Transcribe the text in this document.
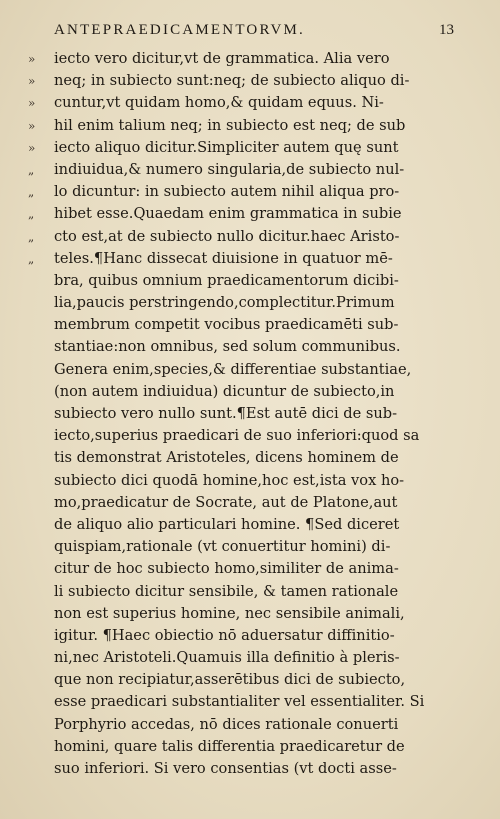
ANTEPRAEDICAMENTORVM.	13
»	iecto vero dicitur,vt de grammatica. Alia vero
»	neq; in subiecto sunt:neq; de subiecto aliquo di-
»	cuntur,vt quidam homo,& quidam equus. Ni-
»	hil enim talium neq; in subiecto est neq; de sub
»	iecto aliquo dicitur.Simpliciter autem quę sunt
„	indiuidua,& numero singularia,de subiecto nul-
„	lo dicuntur: in subiecto autem nihil aliqua pro-
„	hibet esse.Quaedam enim grammatica in subie
„	cto est,at de subiecto nullo dicitur.haec Aristo-
„	teles.¶Hanc dissecat diuisione in quatuor mē-
bra, quibus omnium praedicamentorum dicibi-
lia,paucis perstringendo,complectitur.Primum
membrum competit vocibus praedicamēti sub-
stantiae:non omnibus, sed solum communibus.
Genera enim,species,& differentiae substantiae,
(non autem indiuidua) dicuntur de subiecto,in
subiecto vero nullo sunt.¶Est autē dici de sub-
iecto,superius praedicari de suo inferiori:quod sa
tis demonstrat Aristoteles, dicens hominem de
subiecto dici quodā homine,hoc est,ista vox ho-
mo,praedicatur de Socrate, aut de Platone,aut
de aliquo alio particulari homine. ¶Sed diceret
quispiam,rationale (vt conuertitur homini) di-
citur de hoc subiecto homo,similiter de anima-
li subiecto dicitur sensibile, & tamen rationale
non est superius homine, nec sensibile animali,
igitur. ¶Haec obiectio nō aduersatur diffinitio-
ni,nec Aristoteli.Quamuis illa definitio à pleris-
que non recipiatur,asserētibus dici de subiecto,
esse praedicari substantialiter vel essentialiter. Si
Porphyrio accedas, nō dices rationale conuerti
homini, quare talis differentia praedicaretur de
suo inferiori. Si vero consentias (vt docti asse-
